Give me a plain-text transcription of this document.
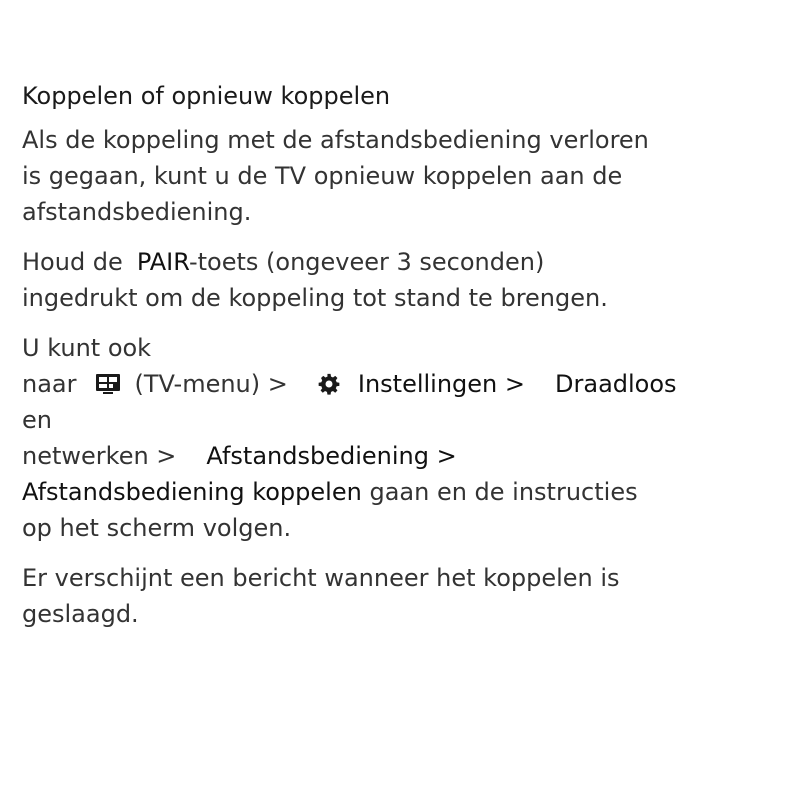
Koppelen of opnieuw koppelen

Als de koppeling met de afstandsbediening verloren
is gegaan, kunt u de TV opnieuw koppelen aan de
afstandsbediening.

Houd de PAIR-toets (ongeveer 3 seconden)
ingedrukt om de koppeling tot stand te brengen.

U kunt ook
naar (TV-menu) >	Instellingen > Draadloos
en
netwerken > Afstandsbediening >
Afstandsbediening koppelen gaan en de instructies
op het scherm volgen.

Er verschijnt een bericht wanneer het koppelen is
geslaagd.
